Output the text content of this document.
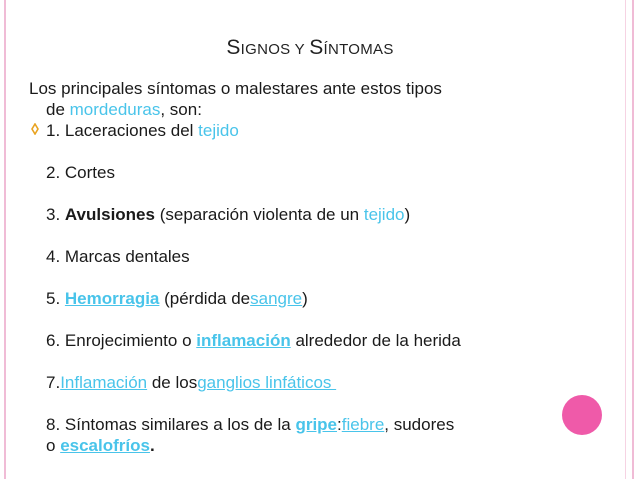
SIGNOS Y SÍNTOMAS

Los principales síntomas o malestares ante estos tipos

de mordeduras, son:

1. Laceraciones del tejido
2. Cortes
3. Avulsiones (separación violenta de un tejido)
4. Marcas dentales
5. Hemorragia (pérdida desangre)
6. Enrojecimiento o inflamación alrededor de la herida
7.Inflamación de losganglios linfáticos
8. Síntomas similares a los de la gripe:fiebre, sudores
o escalofríos.
